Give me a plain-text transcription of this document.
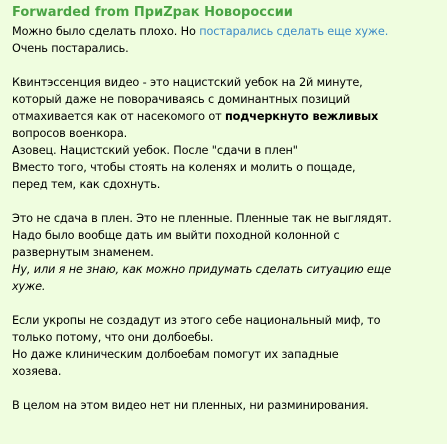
Forwarded from ПриZрак Новороссии
Можно было сделать плохо. Но постарались сделать еще хуже.
Очень постарались.
Квинтэссенция видео - это нацистский уебок на 2й минуте,
который даже не поворачиваясь с доминантных позиций
отмахивается как от насекомого от подчеркнуто вежливых
вопросов военкора.
Азовец. Нацистский уебок. После "сдачи в плен"
Вместо того, чтобы стоять на коленях и молить о пощаде,
перед тем, как сдохнуть.
Это не сдача в плен. Это не пленные. Пленные так не выглядят.
Надо было вообще дать им выйти походной колонной с
развернутым знаменем.
Ну, или я не знаю, как можно придумать сделать ситуацию еще
хуже.
Если укропы не создадут из этого себе национальный миф, то
только потому, что они долбоебы.
Но даже клиническим долбоебам помогут их западные
хозяева.
В целом на этом видео нет ни пленных, ни разминирования.
